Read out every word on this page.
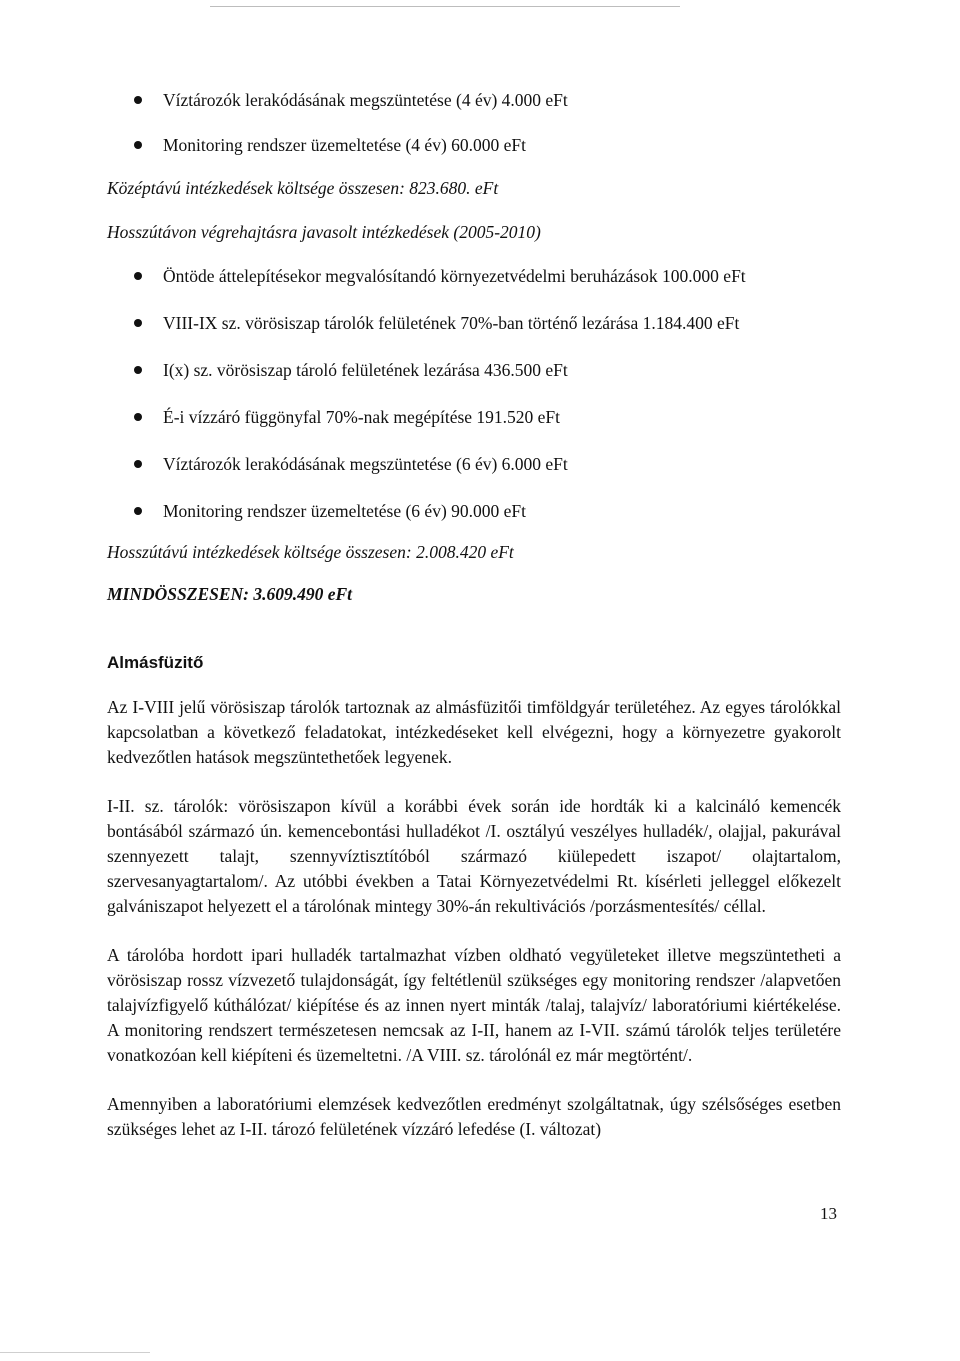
Víztározók lerakódásának megszüntetése (4 év) 4.000 eFt
Monitoring rendszer üzemeltetése (4 év) 60.000 eFt
Középtávú intézkedések költsége összesen: 823.680. eFt
Hosszútávon végrehajtásra javasolt intézkedések (2005-2010)
Öntöde áttelepítésekor megvalósítandó környezetvédelmi beruházások 100.000 eFt
VIII-IX sz. vörösiszap tárolók felületének 70%-ban történő lezárása 1.184.400 eFt
I(x) sz. vörösiszap tároló felületének lezárása 436.500 eFt
É-i vízzáró függönyfal 70%-nak megépítése 191.520 eFt
Víztározók lerakódásának megszüntetése (6 év) 6.000 eFt
Monitoring rendszer üzemeltetése (6 év) 90.000 eFt
Hosszútávú intézkedések költsége összesen: 2.008.420 eFt
MINDÖSSZESEN: 3.609.490 eFt
Almásfüzitő

Az I-VIII jelű vörösiszap tárolók tartoznak az almásfüzitői timföldgyár területéhez. Az egyes tárolókkal kapcsolatban a következő feladatokat, intézkedéseket kell elvégezni, hogy a környezetre gyakorolt kedvezőtlen hatások megszüntethetőek legyenek.

I-II. sz. tárolók: vörösiszapon kívül a korábbi évek során ide hordták ki a kalcináló kemencék bontásából származó ún. kemencebontási hulladékot /I. osztályú veszélyes hulladék/, olajjal, pakurával szennyezett talajt, szennyvíztisztítóból származó kiülepedett iszapot/ olajtartalom, szervesanyagtartalom/. Az utóbbi években a Tatai Környezetvédelmi Rt. kísérleti jelleggel előkezelt galvániszapot helyezett el a tárolónak mintegy 30%-án rekultivációs /porzásmentesítés/ céllal.

A tárolóba hordott ipari hulladék tartalmazhat vízben oldható vegyületeket illetve megszüntetheti a vörösiszap rossz vízvezető tulajdonságát, így feltétlenül szükséges egy monitoring rendszer /alapvetően talajvízfigyelő kúthálózat/ kiépítése és az innen nyert minták /talaj, talajvíz/ laboratóriumi kiértékelése. A monitoring rendszert természetesen nemcsak az I-II, hanem az I-VII. számú tárolók teljes területére vonatkozóan kell kiépíteni és üzemeltetni. /A VIII. sz. tárolónál ez már megtörtént/.

Amennyiben a laboratóriumi elemzések kedvezőtlen eredményt szolgáltatnak, úgy szélsőséges esetben szükséges lehet az I-II. tározó felületének vízzáró lefedése (I. változat)

13
